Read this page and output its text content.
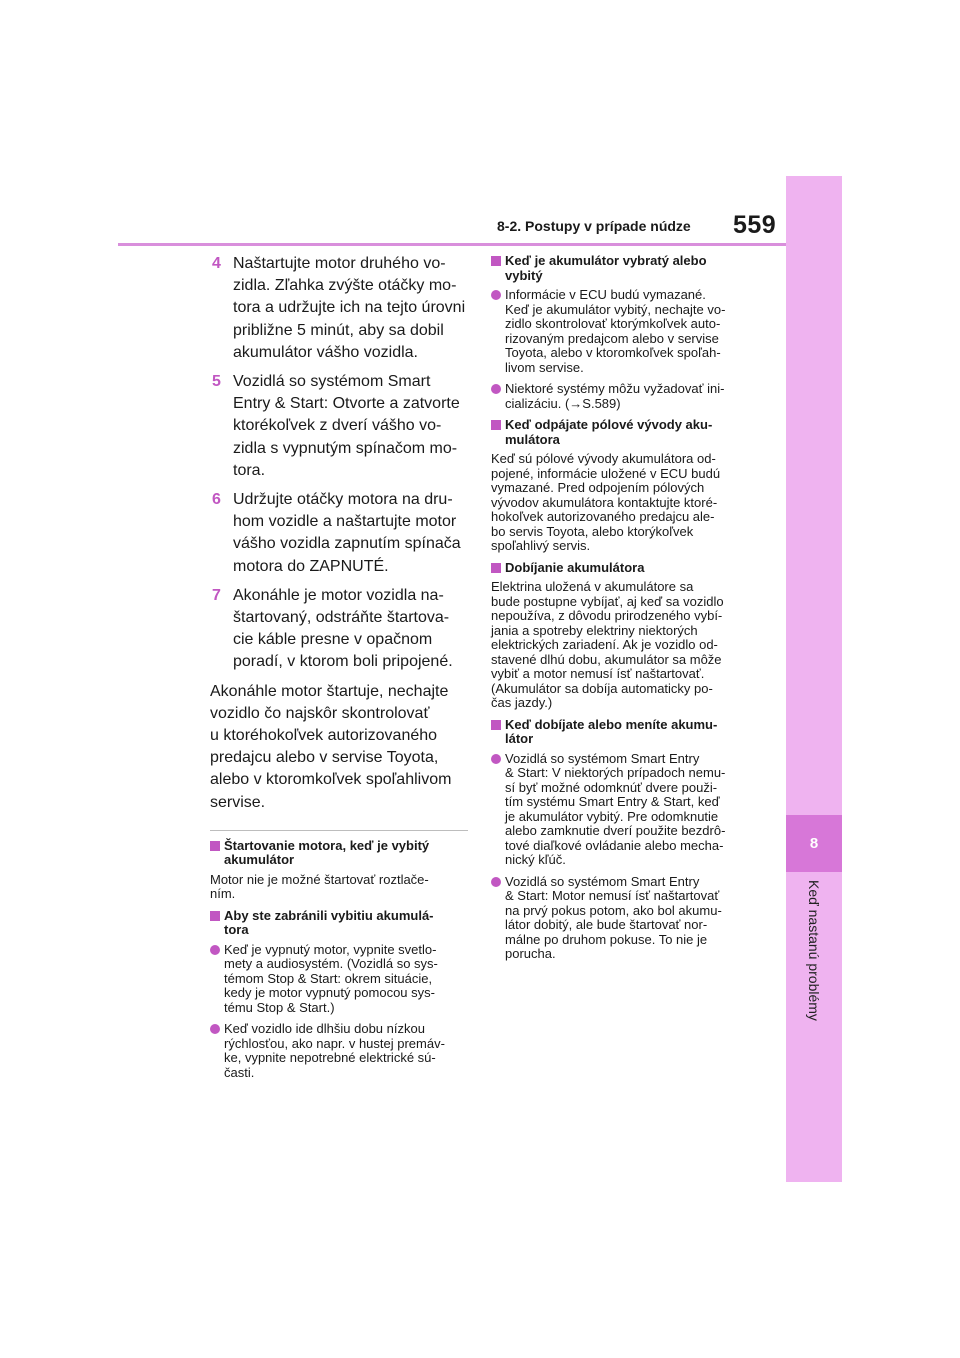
8
Keď nastanú problémy
8-2. Postupy v prípade núdze 559
4 Naštartujte motor druhého vo-
zidla. Zľahka zvýšte otáčky mo-
tora a udržujte ich na tejto úrovni
približne 5 minút, aby sa dobil
akumulátor vášho vozidla.
5 Vozidlá so systémom Smart
Entry & Start: Otvorte a zatvorte
ktorékoľvek z dverí vášho vo-
zidla s vypnutým spínačom mo-
tora.
6 Udržujte otáčky motora na dru-
hom vozidle a naštartujte motor
vášho vozidla zapnutím spínača
motora do ZAPNUTÉ.
7 Akonáhle je motor vozidla na-
štartovaný, odstráňte štartova-
cie káble presne v opačnom
poradí, v ktorom boli pripojené.
Akonáhle motor štartuje, nechajte
vozidlo čo najskôr skontrolovať
u ktoréhokoľvek autorizovaného
predajcu alebo v servise Toyota,
alebo v ktoromkoľvek spoľahlivom
servise.
Štartovanie motora, keď je vybitý
akumulátor
Motor nie je možné štartovať roztlače-
ním.
Aby ste zabránili vybitiu akumulá-
tora
Keď je vypnutý motor, vypnite svetlo-
mety a audiosystém. (Vozidlá so sys-
témom Stop & Start: okrem situácie,
kedy je motor vypnutý pomocou sys-
tému Stop & Start.)
Keď vozidlo ide dlhšiu dobu nízkou
rýchlosťou, ako napr. v hustej premáv-
ke, vypnite nepotrebné elektrické sú-
časti.
Keď je akumulátor vybratý alebo
vybitý
Informácie v ECU budú vymazané.
Keď je akumulátor vybitý, nechajte vo-
zidlo skontrolovať ktorýmkoľvek auto-
rizovaným predajcom alebo v servise
Toyota, alebo v ktoromkoľvek spoľah-
livom servise.
Niektoré systémy môžu vyžadovať ini-
cializáciu. (→S.589)
Keď odpájate pólové vývody aku-
mulátora
Keď sú pólové vývody akumulátora od-
pojené, informácie uložené v ECU budú
vymazané. Pred odpojením pólových
vývodov akumulátora kontaktujte ktoré-
hokoľvek autorizovaného predajcu ale-
bo servis Toyota, alebo ktorýkoľvek
spoľahlivý servis.
Dobíjanie akumulátora
Elektrina uložená v akumulátore sa
bude postupne vybíjať, aj keď sa vozidlo
nepoužíva, z dôvodu prirodzeného vybí-
jania a spotreby elektriny niektorých
elektrických zariadení. Ak je vozidlo od-
stavené dlhú dobu, akumulátor sa môže
vybiť a motor nemusí ísť naštartovať.
(Akumulátor sa dobíja automaticky po-
čas jazdy.)
Keď dobíjate alebo meníte akumu-
látor
Vozidlá so systémom Smart Entry
& Start: V niektorých prípadoch nemu-
sí byť možné odomknúť dvere použi-
tím systému Smart Entry & Start, keď
je akumulátor vybitý. Pre odomknutie
alebo zamknutie dverí použite bezdrô-
tové diaľkové ovládanie alebo mecha-
nický kľúč.
Vozidlá so systémom Smart Entry
& Start: Motor nemusí ísť naštartovať
na prvý pokus potom, ako bol akumu-
látor dobitý, ale bude štartovať nor-
málne po druhom pokuse. To nie je
porucha.
